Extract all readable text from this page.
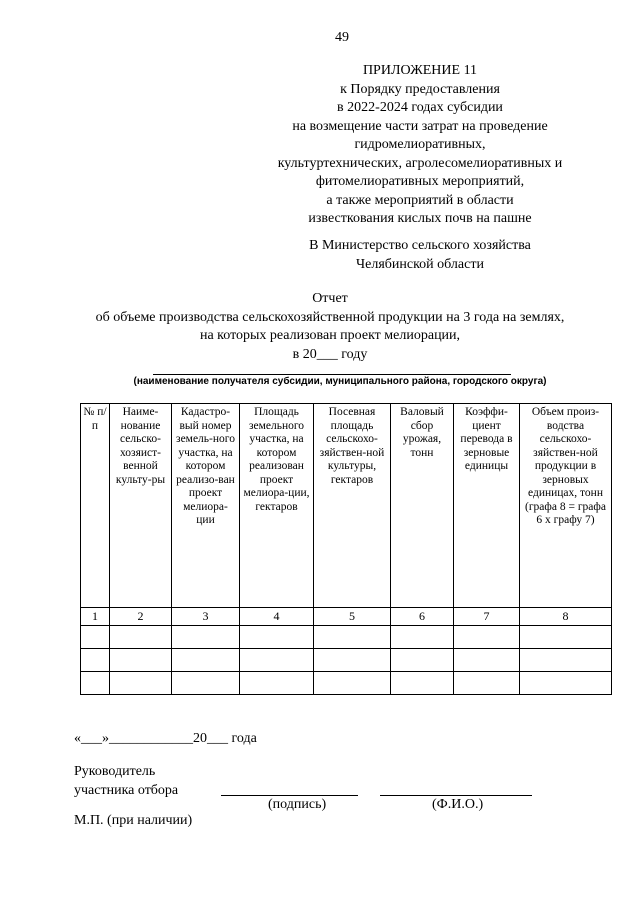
49
ПРИЛОЖЕНИЕ 11
к Порядку предоставления
в 2022-2024 годах субсидии
на возмещение части затрат на проведение
гидромелиоративных,
культуртехнических, агролесомелиоративных и
фитомелиоративных мероприятий,
а также мероприятий в области
известкования кислых почв на пашне
В Министерство сельского хозяйства
Челябинской области
Отчет
об объеме производства сельскохозяйственной продукции на 3 года на землях,
на которых реализован проект мелиорации,
в 20___ году
(наименование получателя субсидии, муниципального района, городского округа)
№ п/п	Наиме-нование сельско-хозяист-венной культу-ры	Кадастро-вый номер земель-ного участка, на котором реализо-ван проект мелиора-ции	Площадь земельного участка, на котором реализован проект мелиора-ции, гектаров	Посевная площадь сельскохо-зяйствен-ной культуры, гектаров	Валовый сбор урожая, тонн	Коэффи-циент перевода в зерновые единицы	Объем произ-водства сельскохо-зяйствен-ной продукции в зерновых единицах, тонн (графа 8 = графа 6 х графу 7)
1	2	3	4	5	6	7	8

«___»____________20___ года
Руководитель
участника отбора
(подпись)	(Ф.И.О.)
М.П. (при наличии)
